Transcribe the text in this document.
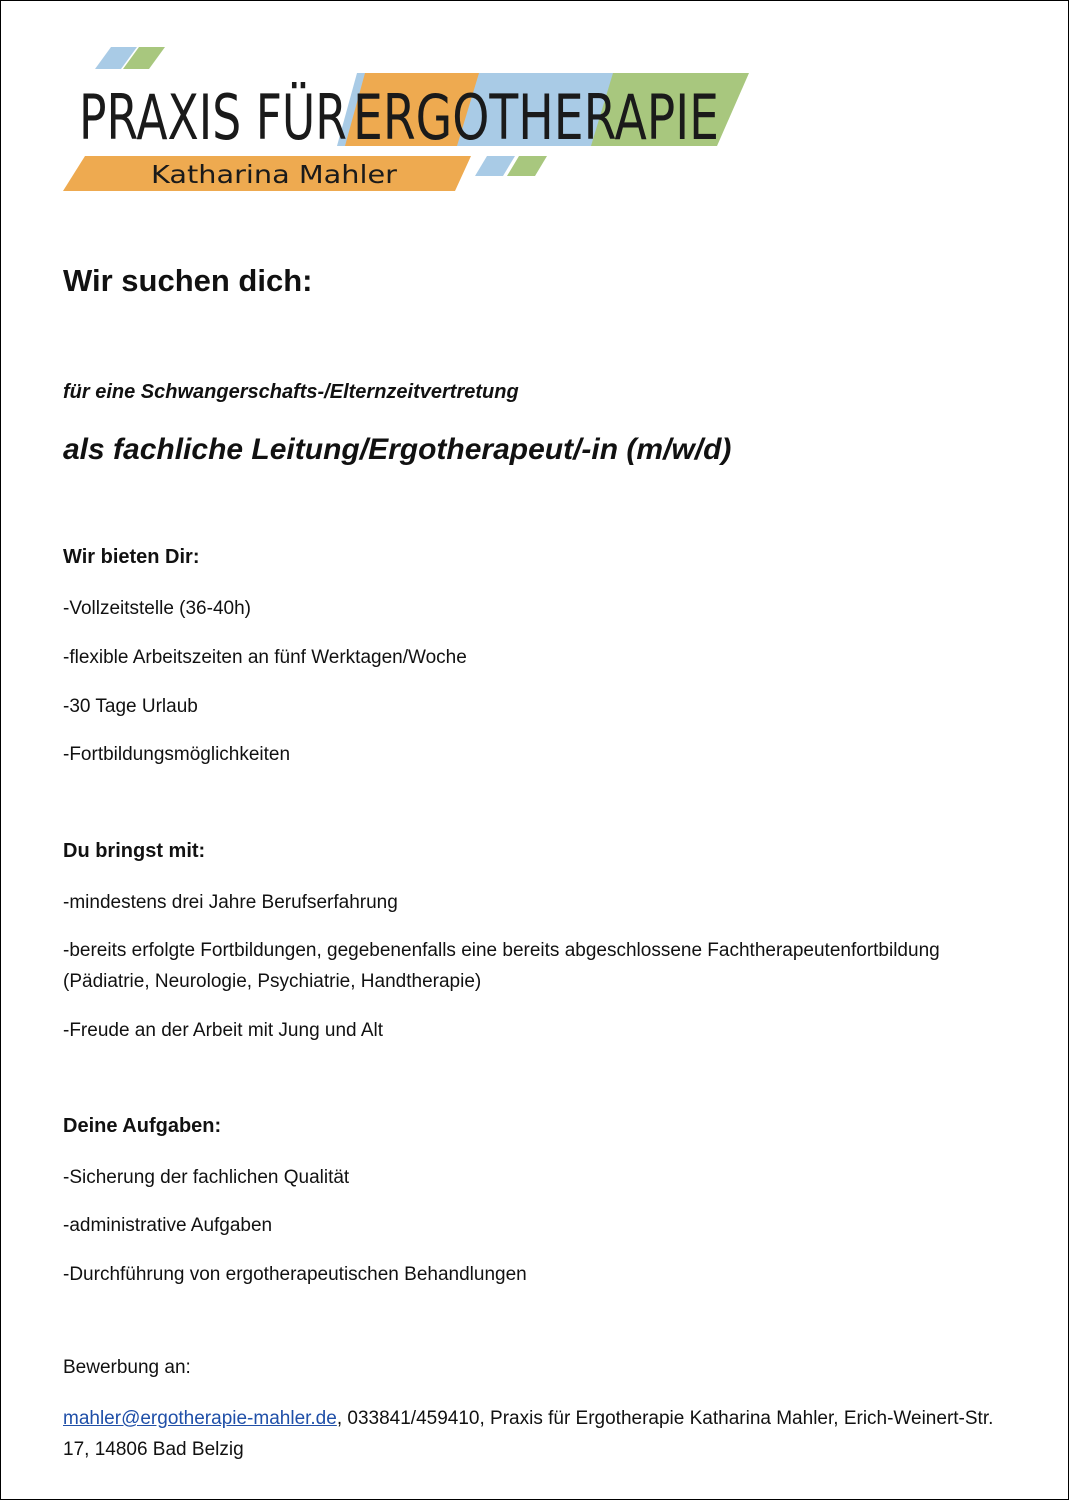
PRAXIS FÜR ERGOTHERAPIE
Katharina Mahler
Wir suchen dich:
für eine Schwangerschafts-/Elternzeitvertretung
als fachliche Leitung/Ergotherapeut/-in (m/w/d)
Wir bieten Dir:
-Vollzeitstelle (36-40h)
-flexible Arbeitszeiten an fünf Werktagen/Woche
-30 Tage Urlaub
-Fortbildungsmöglichkeiten
Du bringst mit:
-mindestens drei Jahre Berufserfahrung
-bereits erfolgte Fortbildungen, gegebenenfalls eine bereits abgeschlossene Fachtherapeutenfortbildung (Pädiatrie, Neurologie, Psychiatrie, Handtherapie)
-Freude an der Arbeit mit Jung und Alt
Deine Aufgaben:
-Sicherung der fachlichen Qualität
-administrative Aufgaben
-Durchführung von ergotherapeutischen Behandlungen
Bewerbung an:
mahler@ergotherapie-mahler.de, 033841/459410, Praxis für Ergotherapie Katharina Mahler, Erich-Weinert-Str. 17, 14806 Bad Belzig
